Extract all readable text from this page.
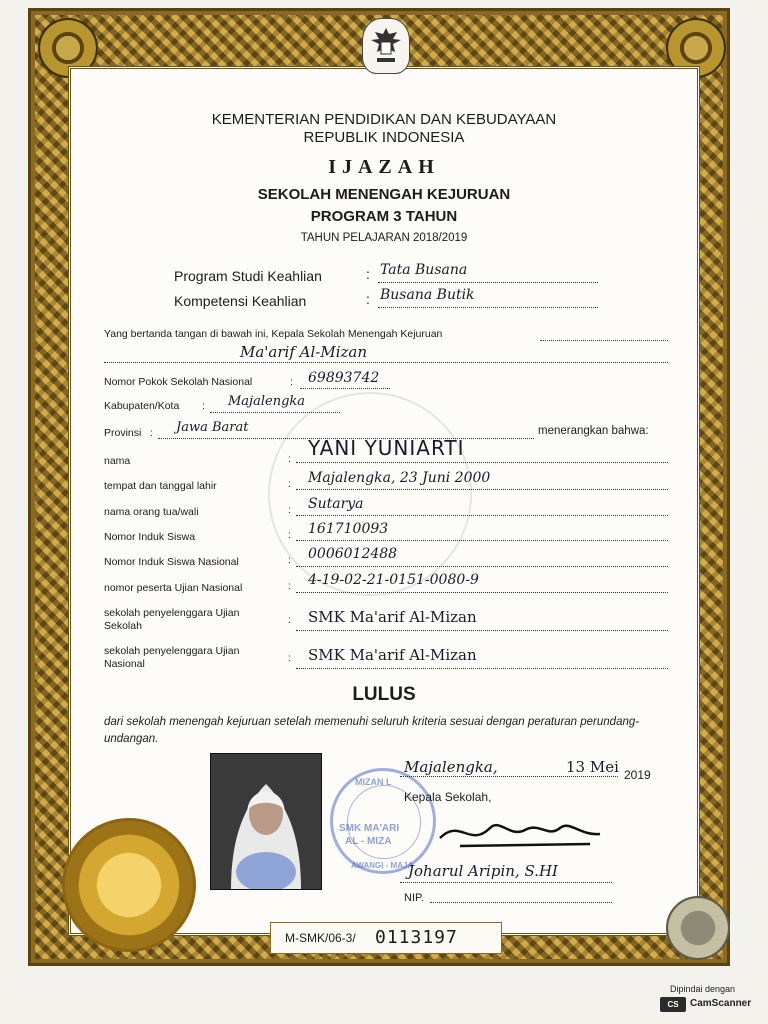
KEMENTERIAN PENDIDIKAN DAN KEBUDAYAAN
REPUBLIK INDONESIA
IJAZAH
SEKOLAH MENENGAH KEJURUAN
PROGRAM 3 TAHUN
TAHUN PELAJARAN 2018/2019
Program Studi Keahlian	: Tata Busana
Kompetensi Keahlian	: Busana Butik
Yang bertanda tangan di bawah ini, Kepala Sekolah Menengah Kejuruan
Ma'arif Al-Mizan
Nomor Pokok Sekolah Nasional	: 69893742
Kabupaten/Kota : Majalengka
Provinsi : Jawa Barat	menerangkan bahwa:
nama	: YANI YUNIARTI
tempat dan tanggal lahir	: Majalengka, 23 Juni 2000
nama orang tua/wali	: Sutarya
Nomor Induk Siswa	: 161710093
Nomor Induk Siswa Nasional	: 0006012488
nomor peserta Ujian Nasional	: 4-19-02-21-0151-0080-9
sekolah penyelenggara Ujian
Sekolah	: SMK Ma'arif Al-Mizan
sekolah penyelenggara Ujian
Nasional	: SMK Ma'arif Al-Mizan
LULUS
dari sekolah menengah kejuruan setelah memenuhi seluruh kriteria sesuai dengan peraturan perundang-undangan.
MIZAN L
SMK MA'ARI
AL - MIZA
AWANGI - MAJA
Majalengka,	13 Mei 2019
Kepala Sekolah,
Joharul Aripin, S.HI
NIP.
M-SMK/06-3/ 0113197
Dipindai dengan
CS	CamScanner
